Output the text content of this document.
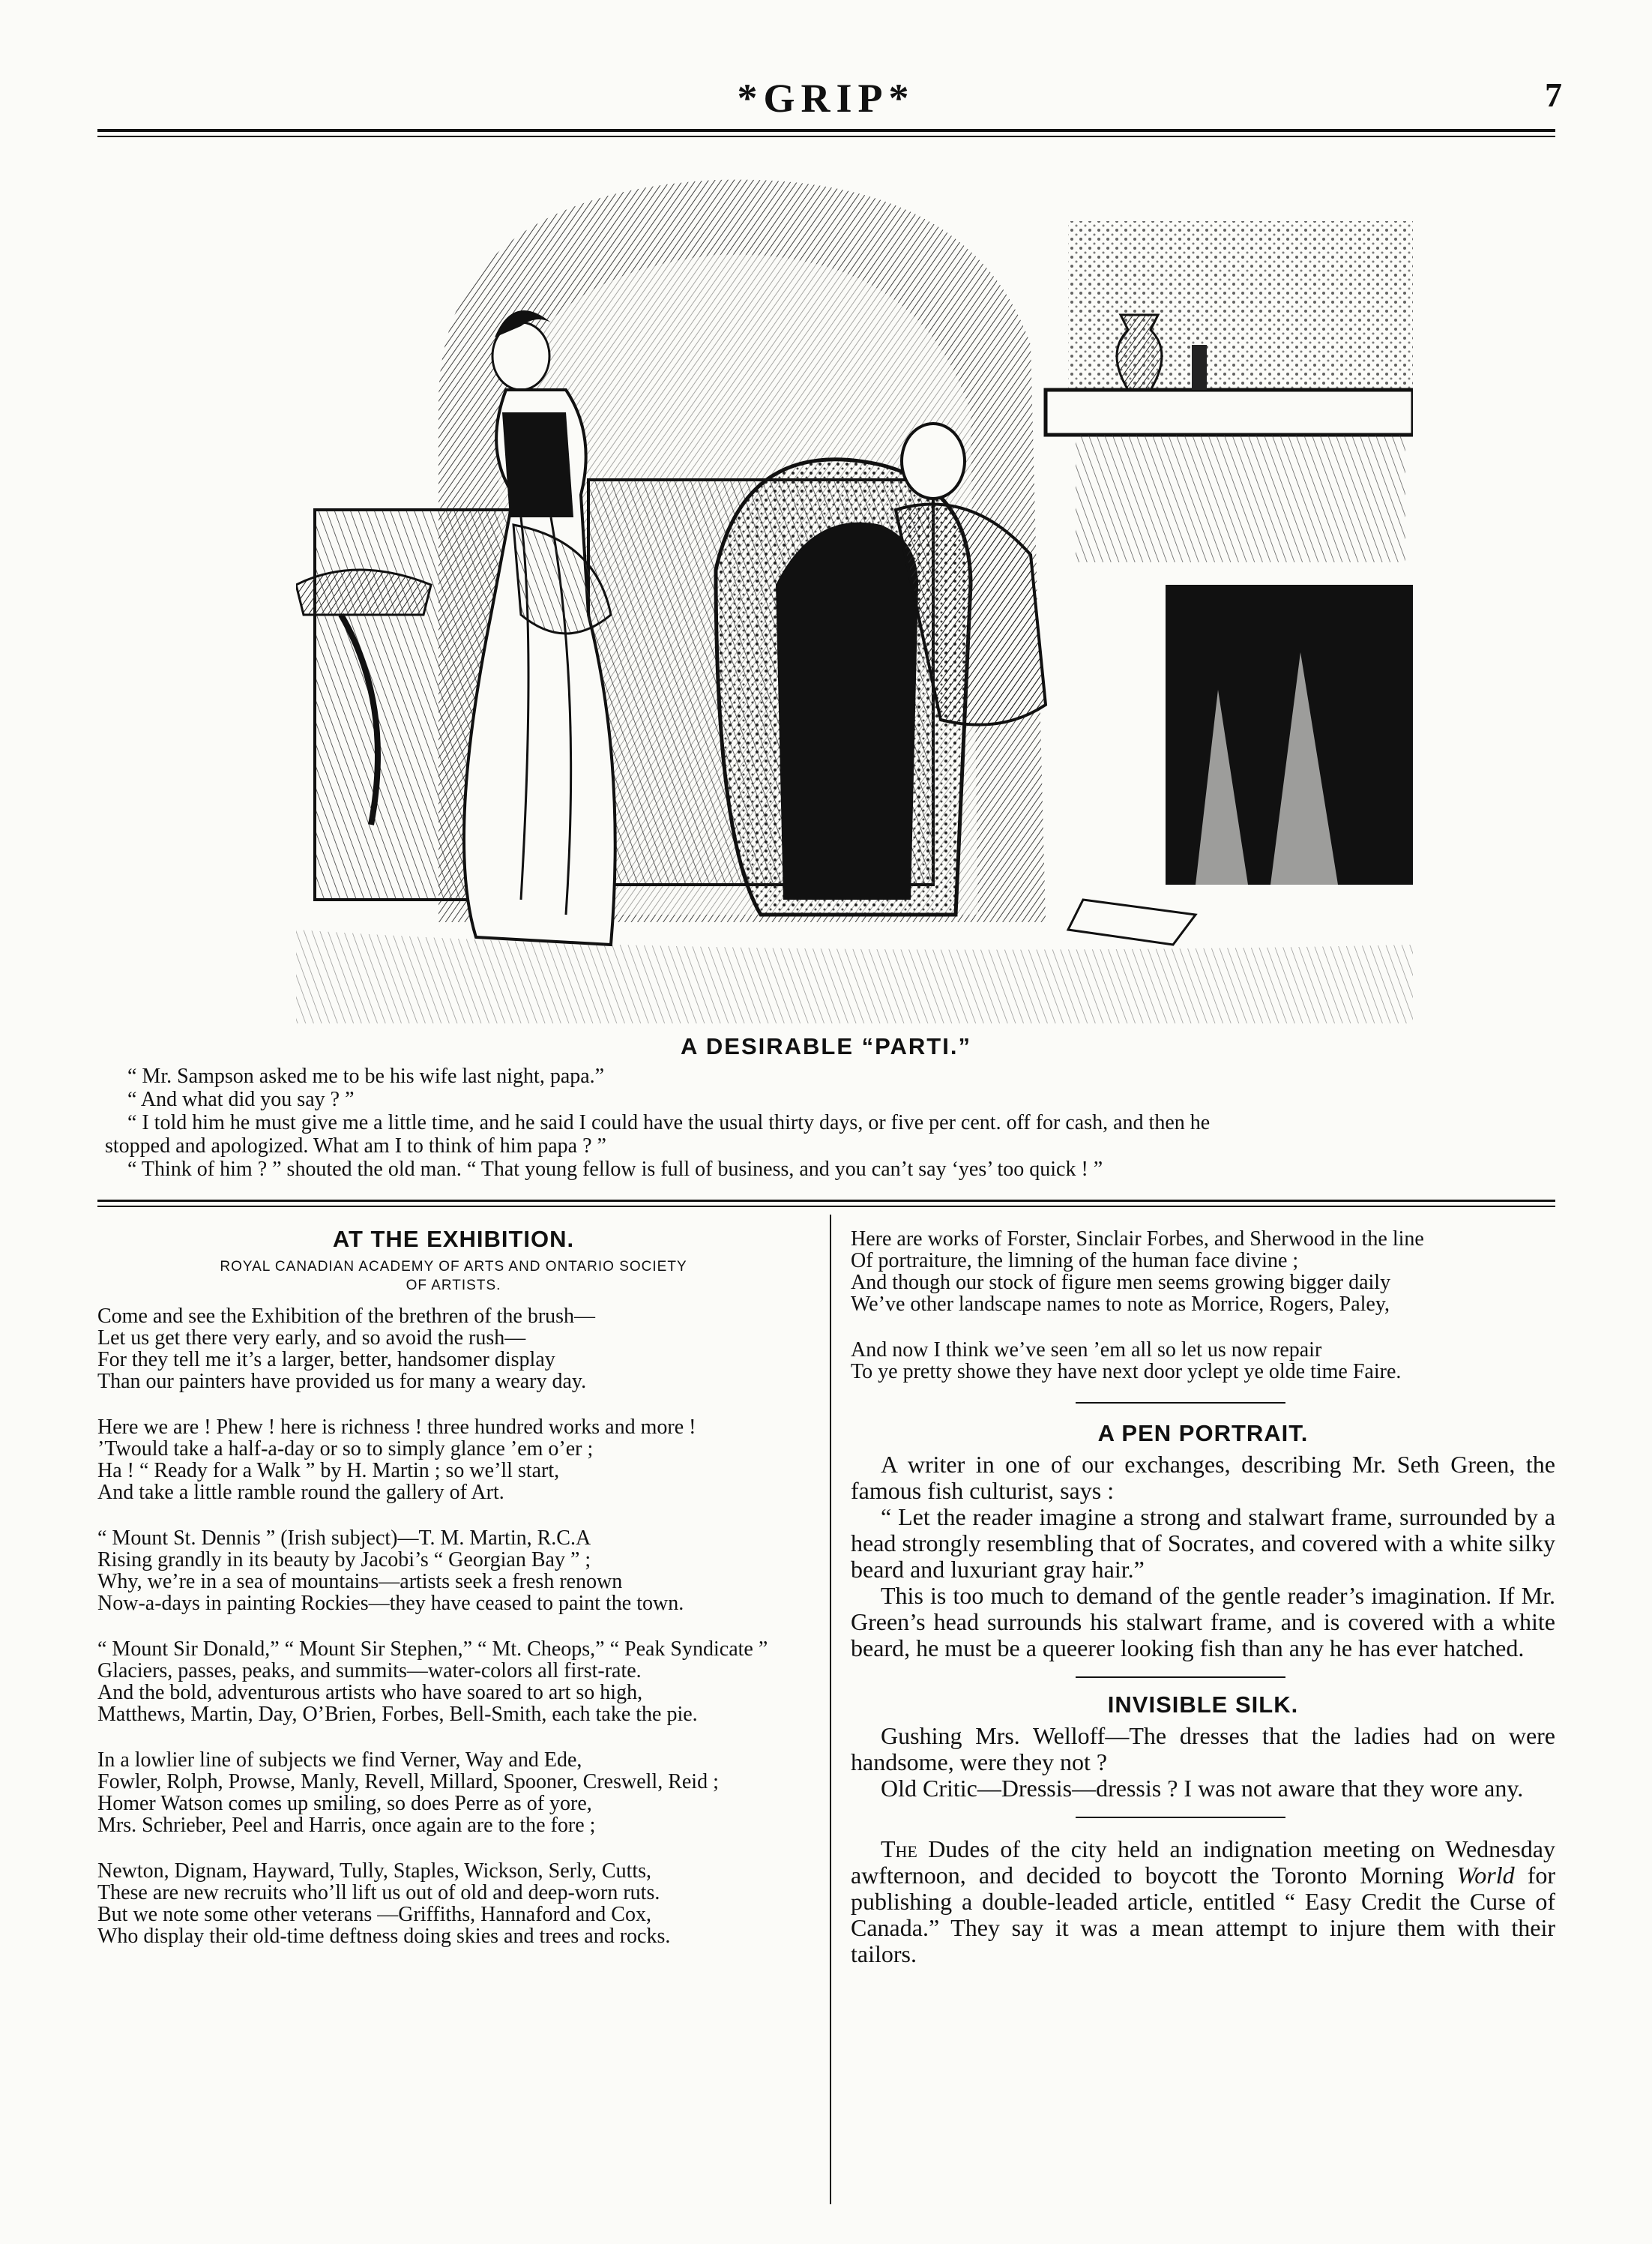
*GRIP*	7
A DESIRABLE “PARTI.”

“ Mr. Sampson asked me to be his wife last night, papa.”

“ And what did you say ? ”

“ I told him he must give me a little time, and he said I could have the usual thirty days, or five per cent. off for cash, and then he

stopped and apologized. What am I to think of him papa ? ”

“ Think of him ? ” shouted the old man. “ That young fellow is full of business, and you can’t say ‘yes’ too quick ! ”

AT THE EXHIBITION.
ROYAL CANADIAN ACADEMY OF ARTS AND ONTARIO SOCIETY
OF ARTISTS.
Come and see the Exhibition of the brethren of the brush—
Let us get there very early, and so avoid the rush—
For they tell me it’s a larger, better, handsomer display
Than our painters have provided us for many a weary day.
Here we are ! Phew ! here is richness ! three hundred works and more !
’Twould take a half-a-day or so to simply glance ’em o’er ;
Ha ! “ Ready for a Walk ” by H. Martin ; so we’ll start,
And take a little ramble round the gallery of Art.
“ Mount St. Dennis ” (Irish subject)—T. M. Martin, R.C.A
Rising grandly in its beauty by Jacobi’s “ Georgian Bay ” ;
Why, we’re in a sea of mountains—artists seek a fresh renown
Now-a-days in painting Rockies—they have ceased to paint the town.
“ Mount Sir Donald,” “ Mount Sir Stephen,” “ Mt. Cheops,” “ Peak Syndicate ”
Glaciers, passes, peaks, and summits—water-colors all first-rate.
And the bold, adventurous artists who have soared to art so high,
Matthews, Martin, Day, O’Brien, Forbes, Bell-Smith, each take the pie.
In a lowlier line of subjects we find Verner, Way and Ede,
Fowler, Rolph, Prowse, Manly, Revell, Millard, Spooner, Creswell, Reid ;
Homer Watson comes up smiling, so does Perre as of yore,
Mrs. Schrieber, Peel and Harris, once again are to the fore ;
Newton, Dignam, Hayward, Tully, Staples, Wickson, Serly, Cutts,
These are new recruits who’ll lift us out of old and deep-worn ruts.
But we note some other veterans —Griffiths, Hannaford and Cox,
Who display their old-time deftness doing skies and trees and rocks.
Here are works of Forster, Sinclair Forbes, and Sherwood in the line
Of portraiture, the limning of the human face divine ;
And though our stock of figure men seems growing bigger daily
We’ve other landscape names to note as Morrice, Rogers, Paley,
And now I think we’ve seen ’em all so let us now repair
To ye pretty showe they have next door yclept ye olde time Faire.
A PEN PORTRAIT.

A writer in one of our exchanges, describing Mr. Seth Green, the famous fish culturist, says :

“ Let the reader imagine a strong and stalwart frame, surrounded by a head strongly resembling that of Socrates, and covered with a white silky beard and luxuriant gray hair.”

This is too much to demand of the gentle reader’s imagination. If Mr. Green’s head surrounds his stalwart frame, and is covered with a white beard, he must be a queerer looking fish than any he has ever hatched.

INVISIBLE SILK.

Gushing Mrs. Welloff—The dresses that the ladies had on were handsome, were they not ?

Old Critic—Dressis—dressis ? I was not aware that they wore any.

The Dudes of the city held an indignation meeting on Wednesday awfternoon, and decided to boycott the Toronto Morning World for publishing a double-leaded article, entitled “ Easy Credit the Curse of Canada.” They say it was a mean attempt to injure them with their tailors.
